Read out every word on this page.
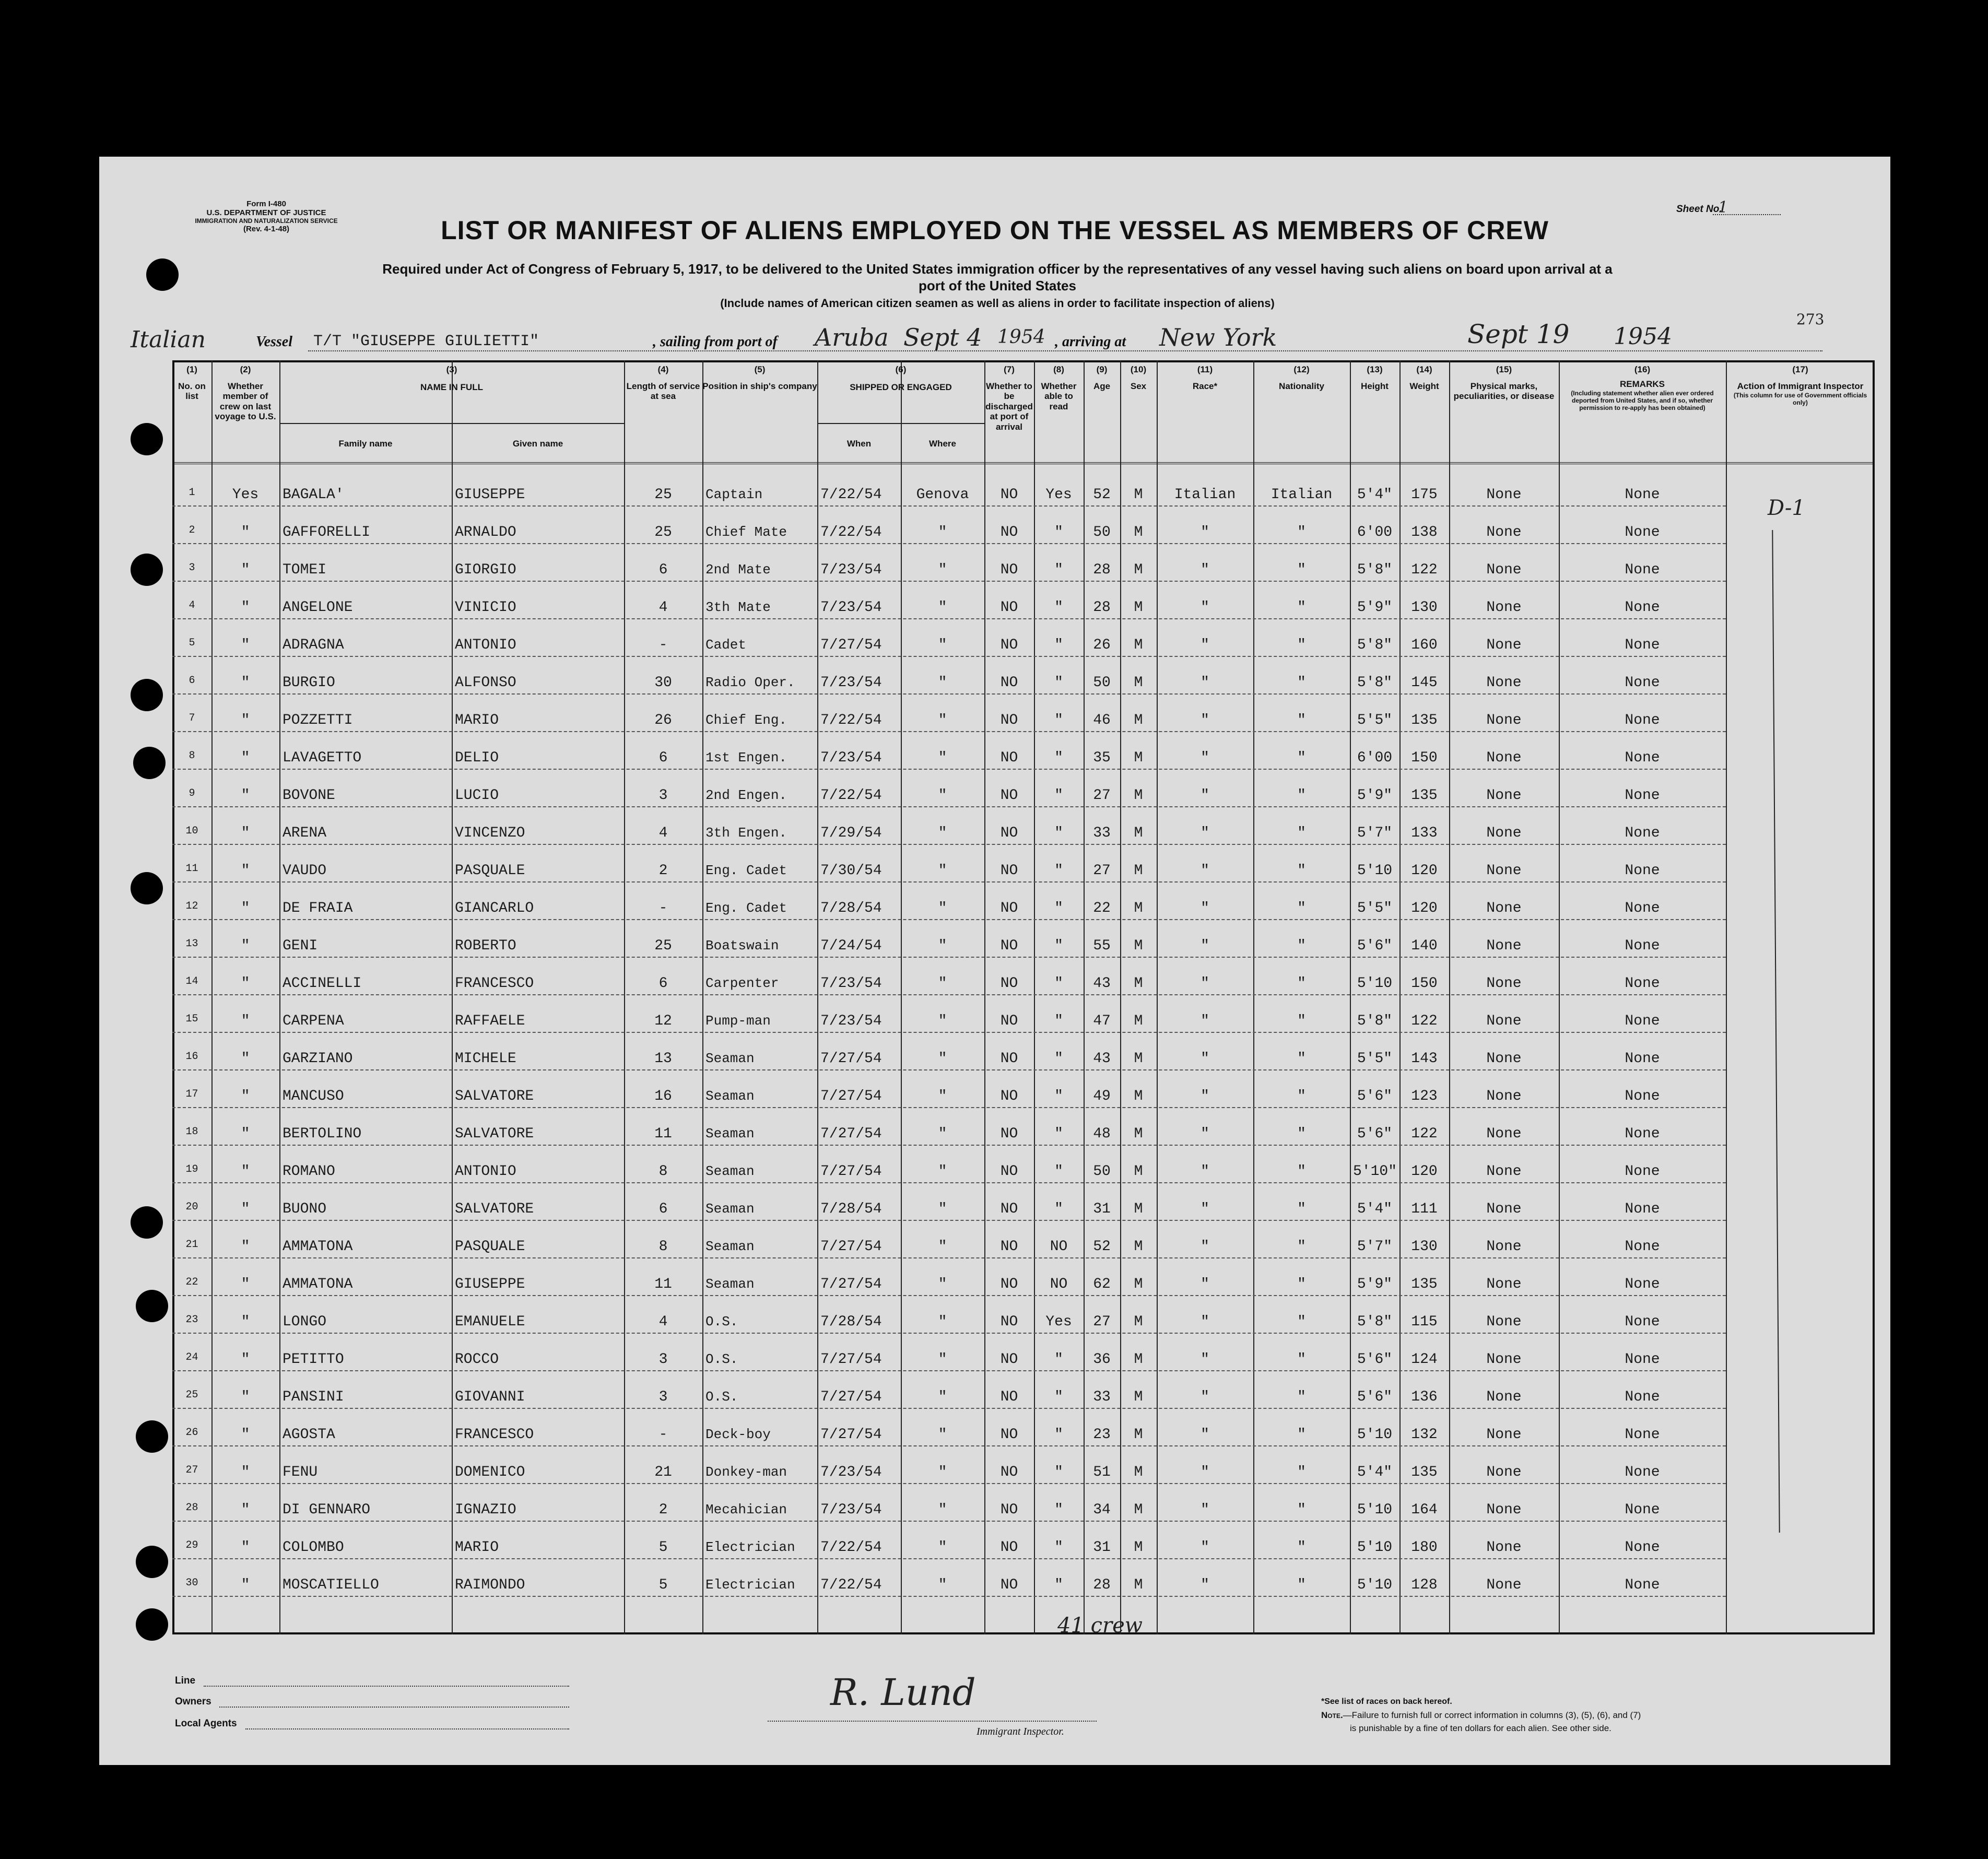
Form I-480
U.S. DEPARTMENT OF JUSTICE
IMMIGRATION AND NATURALIZATION SERVICE
(Rev. 4-1-48)
Sheet No.
1
273
LIST OR MANIFEST OF ALIENS EMPLOYED ON THE VESSEL AS MEMBERS OF CREW
Required under Act of Congress of February 5, 1917, to be delivered to the United States immigration officer by the representatives of any vessel having such aliens on board upon arrival at a
port of the United States
(Include names of American citizen seamen as well as aliens in order to facilitate inspection of aliens)
Italian	Vessel T/T "GIUSEPPE GIULIETTI"	, sailing from port of Aruba Sept 4 1954 , arriving at New York	Sept 19 1954
(1)
No. on list
(2)
Whether member of crew on last voyage to U.S.
(3)
NAME IN FULL
(4)
Length of service at sea
(5)
Position in ship's company
(6)
SHIPPED OR ENGAGED
(7)
Whether to be discharged at port of arrival
(8)
Whether able to read
(9)
Age
(10)
Sex
(11)
Race*
(12)
Nationality
(13)
Height
(14)
Weight
(15)
Physical marks, peculiarities, or disease
(16)
REMARKS
(Including statement whether alien ever ordered deported from United States, and if so, whether permission to re-apply has been obtained)
(17)
Action of Immigrant Inspector
(This column for use of Government officials only)
Family name	Given name	When	Where
1	Yes	BAGALA'	GIUSEPPE	25	Captain	7/22/54	Genova	NO	Yes	52	M	Italian	Italian	5'4"	175	None	None
2	"	GAFFORELLI	ARNALDO	25	Chief Mate	7/22/54	"	NO	"	50	M	"	"	6'00	138	None	None
3	"	TOMEI	GIORGIO	6	2nd Mate	7/23/54	"	NO	"	28	M	"	"	5'8"	122	None	None
4	"	ANGELONE	VINICIO	4	3th Mate	7/23/54	"	NO	"	28	M	"	"	5'9"	130	None	None
5	"	ADRAGNA	ANTONIO	-	Cadet	7/27/54	"	NO	"	26	M	"	"	5'8"	160	None	None
6	"	BURGIO	ALFONSO	30	Radio Oper.	7/23/54	"	NO	"	50	M	"	"	5'8"	145	None	None
7	"	POZZETTI	MARIO	26	Chief Eng.	7/22/54	"	NO	"	46	M	"	"	5'5"	135	None	None
8	"	LAVAGETTO	DELIO	6	1st Engen.	7/23/54	"	NO	"	35	M	"	"	6'00	150	None	None
9	"	BOVONE	LUCIO	3	2nd Engen.	7/22/54	"	NO	"	27	M	"	"	5'9"	135	None	None
10	"	ARENA	VINCENZO	4	3th Engen.	7/29/54	"	NO	"	33	M	"	"	5'7"	133	None	None
11	"	VAUDO	PASQUALE	2	Eng. Cadet	7/30/54	"	NO	"	27	M	"	"	5'10	120	None	None
12	"	DE FRAIA	GIANCARLO	-	Eng. Cadet	7/28/54	"	NO	"	22	M	"	"	5'5"	120	None	None
13	"	GENI	ROBERTO	25	Boatswain	7/24/54	"	NO	"	55	M	"	"	5'6"	140	None	None
14	"	ACCINELLI	FRANCESCO	6	Carpenter	7/23/54	"	NO	"	43	M	"	"	5'10	150	None	None
15	"	CARPENA	RAFFAELE	12	Pump-man	7/23/54	"	NO	"	47	M	"	"	5'8"	122	None	None
16	"	GARZIANO	MICHELE	13	Seaman	7/27/54	"	NO	"	43	M	"	"	5'5"	143	None	None
17	"	MANCUSO	SALVATORE	16	Seaman	7/27/54	"	NO	"	49	M	"	"	5'6"	123	None	None
18	"	BERTOLINO	SALVATORE	11	Seaman	7/27/54	"	NO	"	48	M	"	"	5'6"	122	None	None
19	"	ROMANO	ANTONIO	8	Seaman	7/27/54	"	NO	"	50	M	"	"	5'10" 120	None	None
20	"	BUONO	SALVATORE	6	Seaman	7/28/54	"	NO	"	31	M	"	"	5'4"	111	None	None
21	"	AMMATONA	PASQUALE	8	Seaman	7/27/54	"	NO	NO	52	M	"	"	5'7"	130	None	None
22	"	AMMATONA	GIUSEPPE	11	Seaman	7/27/54	"	NO	NO	62	M	"	"	5'9"	135	None	None
23	"	LONGO	EMANUELE	4	O.S.	7/28/54	"	NO	Yes	27	M	"	"	5'8"	115	None	None
24	"	PETITTO	ROCCO	3	O.S.	7/27/54	"	NO	"	36	M	"	"	5'6"	124	None	None
25	"	PANSINI	GIOVANNI	3	O.S.	7/27/54	"	NO	"	33	M	"	"	5'6"	136	None	None
26	"	AGOSTA	FRANCESCO	-	Deck-boy	7/27/54	"	NO	"	23	M	"	"	5'10	132	None	None
27	"	FENU	DOMENICO	21	Donkey-man	7/23/54	"	NO	"	51	M	"	"	5'4"	135	None	None
28	"	DI GENNARO	IGNAZIO	2	Mecahician	7/23/54	"	NO	"	34	M	"	"	5'10	164	None	None
29	"	COLOMBO	MARIO	5	Electrician	7/22/54	"	NO	"	31	M	"	"	5'10	180	None	None
30	"	MOSCATIELLO	RAIMONDO	5	Electrician	7/22/54	"	NO	"	28	M	"	"	5'10	128	None	None
D-1
41 crew
Line
Owners
Local Agents
R. Lund
Immigrant Inspector.
*See list of races on back hereof.
Note.—Failure to furnish full or correct information in columns (3), (5), (6), and (7)
is punishable by a fine of ten dollars for each alien. See other side.
